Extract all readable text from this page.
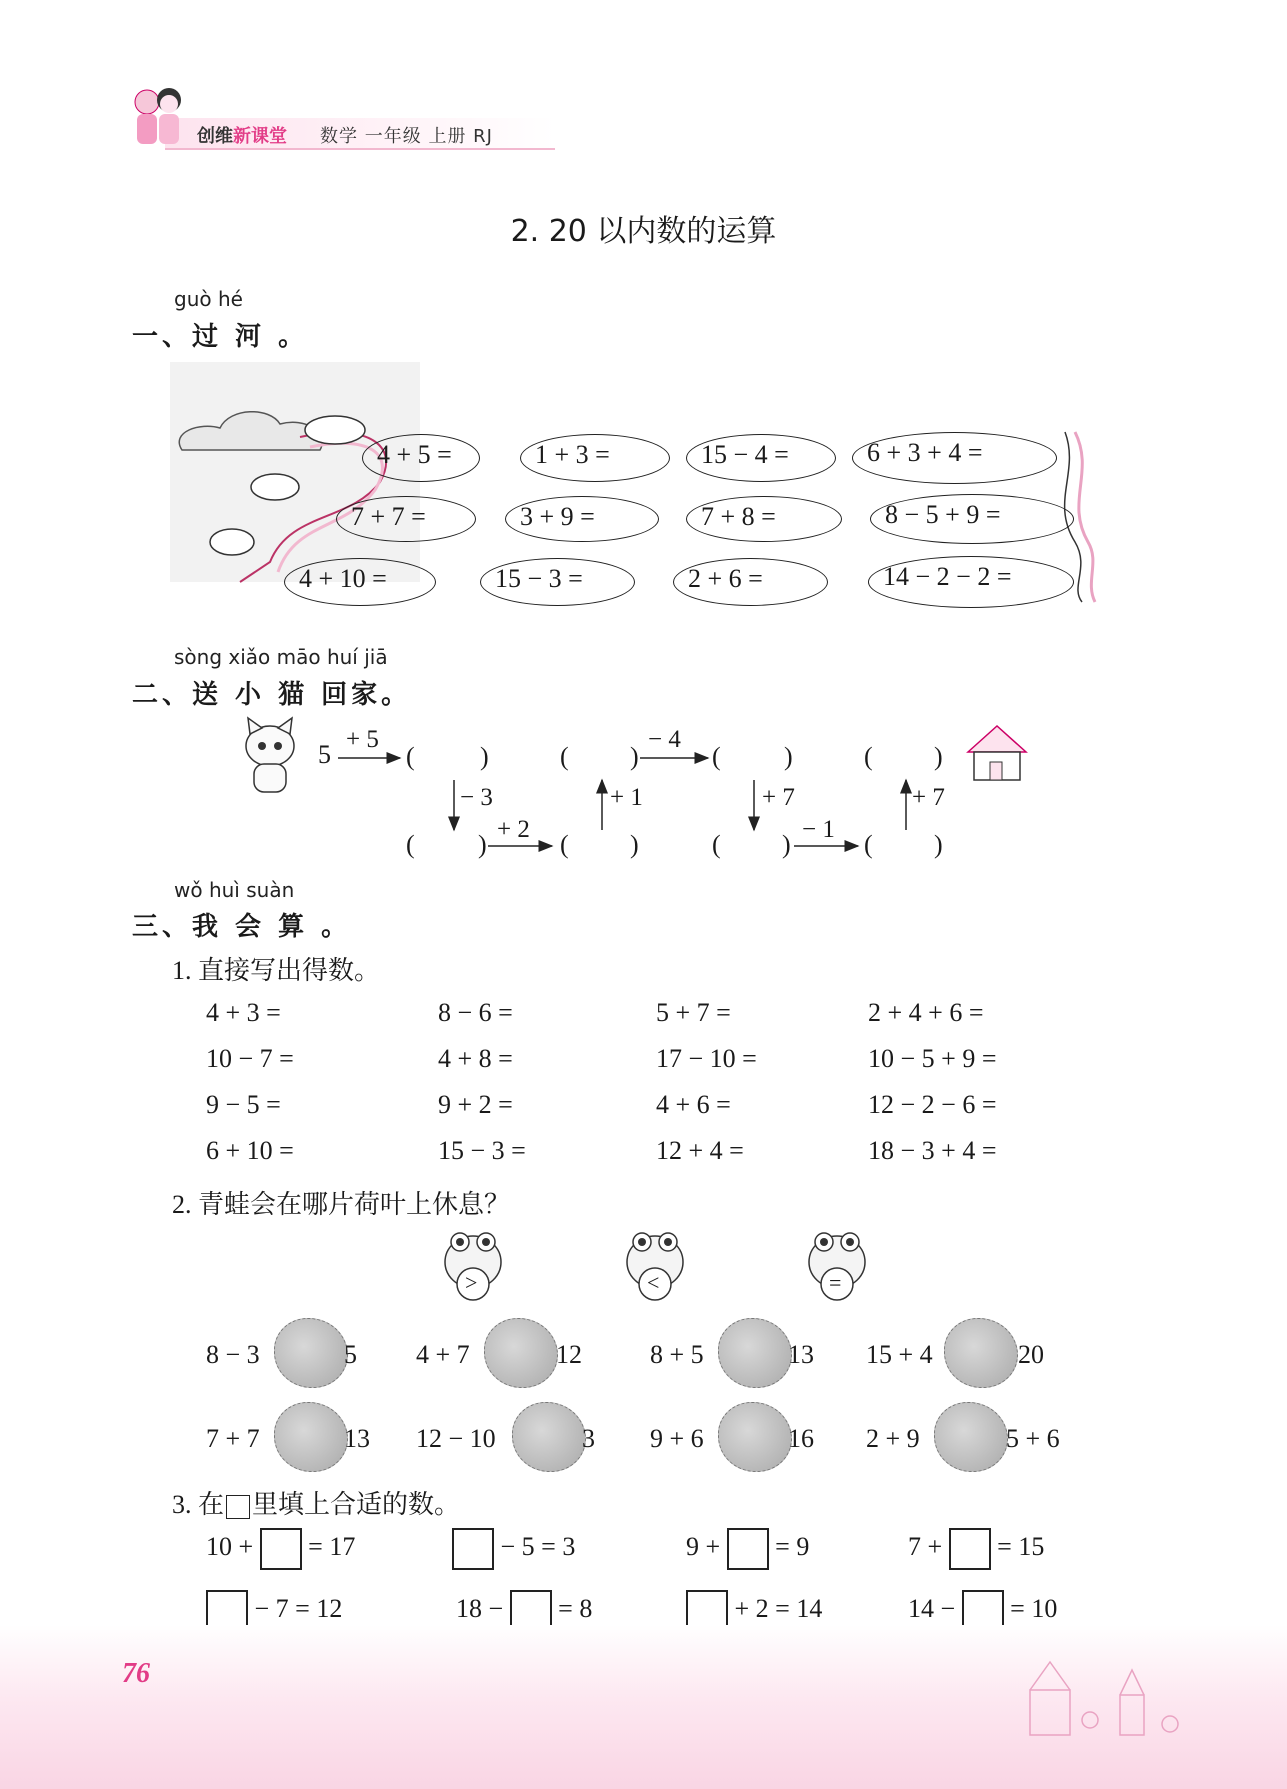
创维新课堂 数学 一年级 上册 RJ
2. 20 以内数的运算
guò hé
一、过 河 。
4 + 5 =	1 + 3 =	15 − 4 =	6 + 3 + 4 =
7 + 7 =	3 + 9 =	7 + 8 =	8 − 5 + 9 =
4 + 10 =	15 − 3 =	2 + 6 =	14 − 2 − 2 =
sòng xiǎo māo huí jiā
二、送 小 猫 回家。
5
+ 5	− 4
− 3	+ 1	+ 7	+ 7
+ 2	− 1
(	)	( )	( )	( )
( )	( )	( )	( )
wǒ huì suàn
三、我 会 算 。
1. 直接写出得数。
4 + 3 =	8 − 6 =	5 + 7 =	2 + 4 + 6 =
10 − 7 =	4 + 8 =	17 − 10 =	10 − 5 + 9 =
9 − 5 =	9 + 2 =	4 + 6 =	12 − 2 − 6 =
6 + 10 =	15 − 3 =	12 + 4 =	18 − 3 + 4 =
2. 青蛙会在哪片荷叶上休息？
>	<	=
8 − 3	5 4 + 7	12	8 + 5	13 15 + 4	20
7 + 7	13 12 − 10	3 9 + 6	16 2 + 9	5 + 6
3. 在 里填上合适的数。
10 +  = 17	− 5 = 3	9 +  = 9	7 +  = 15
− 7 = 12	18 −  = 8	+ 2 = 14	14 −  = 10
76
